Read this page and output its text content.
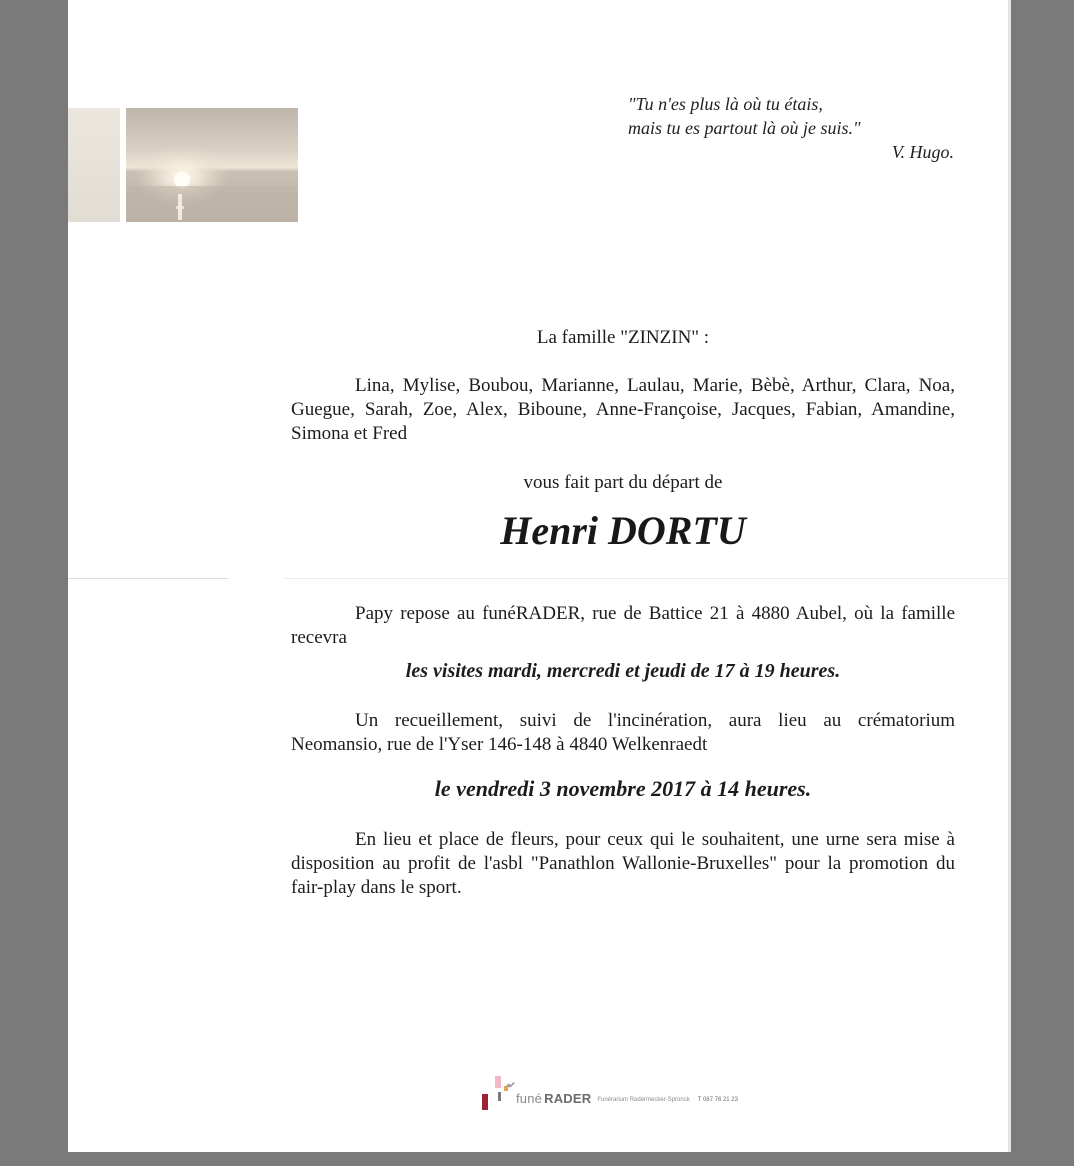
"Tu n'es plus là où tu étais,
mais tu es partout là où je suis."
V. Hugo.
La famille "ZINZIN" :
Lina, Mylise, Boubou, Marianne, Laulau, Marie, Bèbè, Arthur, Clara, Noa, Guegue, Sarah, Zoe, Alex, Biboune, Anne-Françoise, Jacques, Fabian, Amandine, Simona et Fred
vous fait part du départ de
Henri DORTU
Papy repose au funéRADER, rue de Battice 21 à 4880 Aubel, où la famille recevra
les visites mardi, mercredi et jeudi de 17 à 19 heures.
Un recueillement, suivi de l'incinération, aura lieu au crématorium Neomansio, rue de l'Yser 146-148 à 4840 Welkenraedt
le vendredi 3 novembre 2017 à 14 heures.
En lieu et place de fleurs, pour ceux qui le souhaitent, une urne sera mise à disposition au profit de l'asbl "Panathlon Wallonie-Bruxelles" pour la promotion du fair-play dans le sport.
funé RADER Funérarium Radermecker-Spronck T 087 76 21 23
